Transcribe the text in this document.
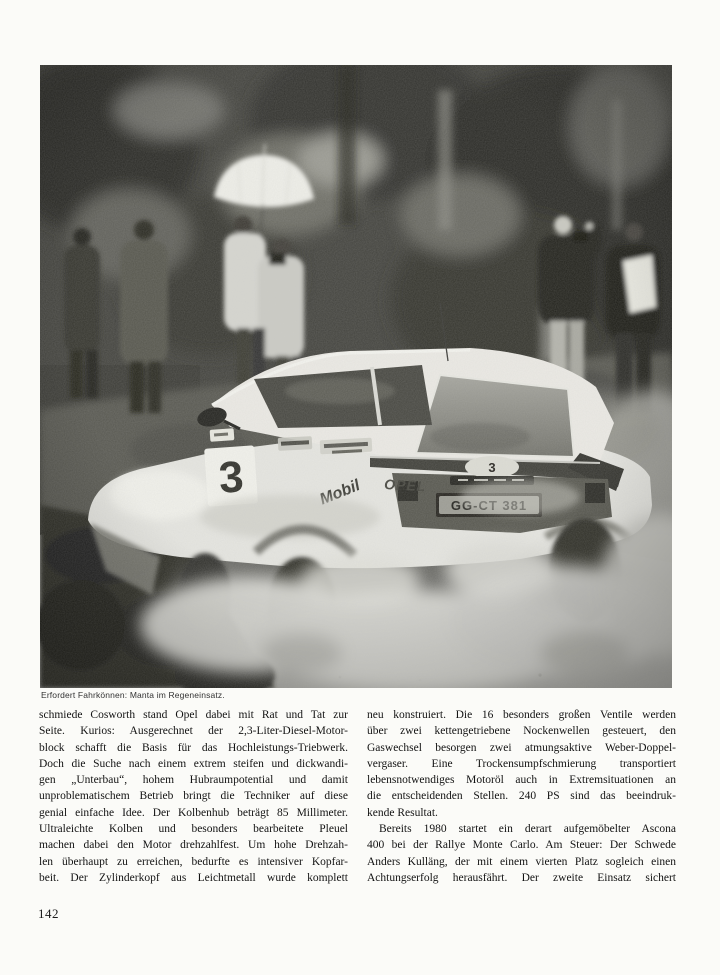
Erfordert Fahrkönnen: Manta im Regeneinsatz.
schmiede Cosworth stand Opel dabei mit Rat und Tat zur
Seite. Kurios: Ausgerechnet der 2,3-Liter-Diesel-Motor-
block schafft die Basis für das Hochleistungs-Triebwerk.
Doch die Suche nach einem extrem steifen und dickwandi-
gen „Unterbau“, hohem Hubraumpotential und damit
unproblematischem Betrieb bringt die Techniker auf diese
genial einfache Idee. Der Kolbenhub beträgt 85 Millimeter.
Ultraleichte Kolben und besonders bearbeitete Pleuel
machen dabei den Motor drehzahlfest. Um hohe Drehzah-
len überhaupt zu erreichen, bedurfte es intensiver Kopfar-
beit. Der Zylinderkopf aus Leichtmetall wurde komplett
neu konstruiert. Die 16 besonders großen Ventile werden
über zwei kettengetriebene Nockenwellen gesteuert, den
Gaswechsel besorgen zwei atmungsaktive Weber-Doppel-
vergaser. Eine Trockensumpfschmierung transportiert
lebensnotwendiges Motoröl auch in Extremsituationen an
die entscheidenden Stellen. 240 PS sind das beeindruk-
kende Resultat.
Bereits 1980 startet ein derart aufgemöbelter Ascona
400 bei der Rallye Monte Carlo. Am Steuer: Der Schwede
Anders Kulläng, der mit einem vierten Platz sogleich einen
Achtungserfolg herausfährt. Der zweite Einsatz sichert
142
